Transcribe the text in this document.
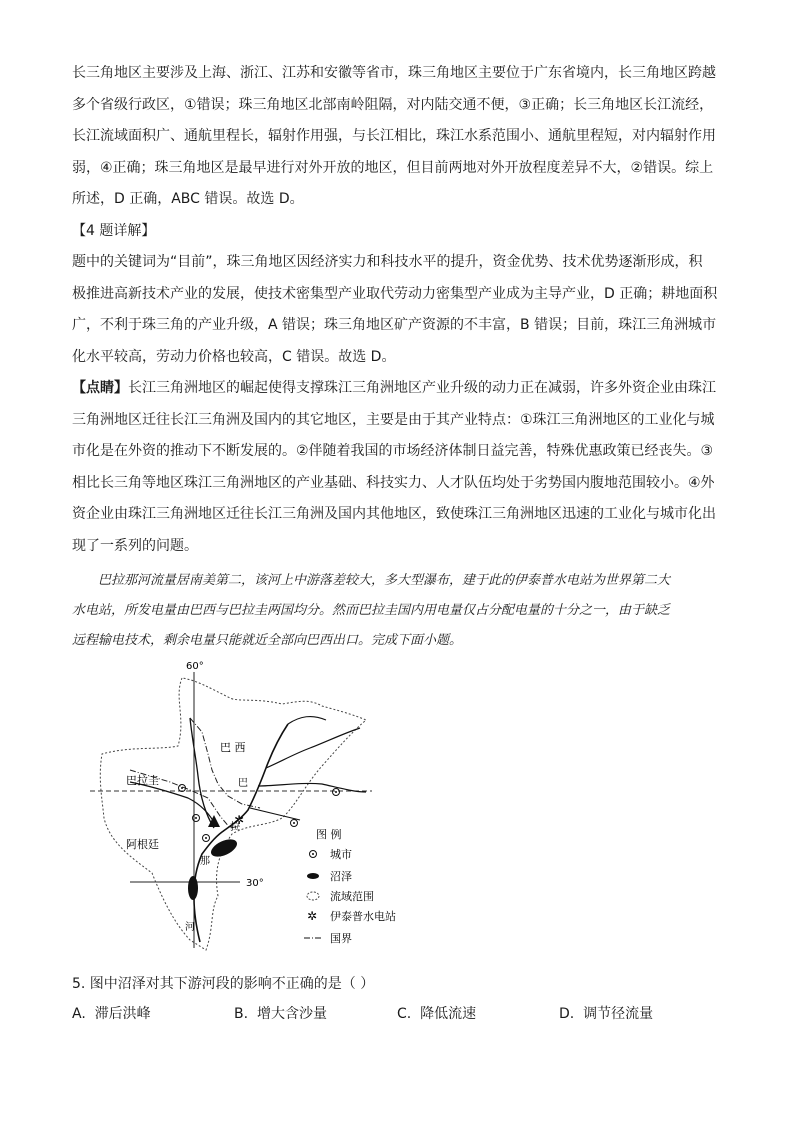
长三角地区主要涉及上海、浙江、江苏和安徽等省市，珠三角地区主要位于广东省境内，长三角地区跨越
多个省级行政区，①错误；珠三角地区北部南岭阻隔，对内陆交通不便，③正确；长三角地区长江流经，
长江流域面积广、通航里程长，辐射作用强，与长江相比，珠江水系范围小、通航里程短，对内辐射作用
弱，④正确；珠三角地区是最早进行对外开放的地区，但目前两地对外开放程度差异不大，②错误。综上
所述，D 正确，ABC 错误。故选 D。

【4 题详解】

题中的关键词为“目前”，珠三角地区因经济实力和科技水平的提升，资金优势、技术优势逐渐形成，积
极推进高新技术产业的发展，使技术密集型产业取代劳动力密集型产业成为主导产业，D 正确；耕地面积
广，不利于珠三角的产业升级，A 错误；珠三角地区矿产资源的不丰富，B 错误；目前，珠江三角洲城市
化水平较高，劳动力价格也较高，C 错误。故选 D。
【点睛】长江三角洲地区的崛起使得支撑珠江三角洲地区产业升级的动力正在减弱，许多外资企业由珠江
三角洲地区迁往长江三角洲及国内的其它地区，主要是由于其产业特点：①珠江三角洲地区的工业化与城
市化是在外资的推动下不断发展的。②伴随着我国的市场经济体制日益完善，特殊优惠政策已经丧失。③
相比长三角等地区珠江三角洲地区的产业基础、科技实力、人才队伍均处于劣势国内腹地范围较小。④外
资企业由珠江三角洲地区迁往长江三角洲及国内其他地区，致使珠江三角洲地区迅速的工业化与城市化出
现了一系列的问题。
巴拉那河流量居南美第二，该河上中游落差较大，多大型瀑布，建于此的伊泰普水电站为世界第二大
水电站，所发电量由巴西与巴拉圭两国均分。然而巴拉圭国内用电量仅占分配电量的十分之一，由于缺乏
远程输电技术，剩余电量只能就近全部向巴西出口。完成下面小题。
60°
30°
✲
巴 西
巴拉圭
阿根廷
巴
拉
那
河
图 例
城市
沼泽
流域范围
✲ 伊泰普水电站
国界
5. 图中沼泽对其下游河段的影响不正确的是（ ）
A. 滞后洪峰	B. 增大含沙量	C. 降低流速	D. 调节径流量
